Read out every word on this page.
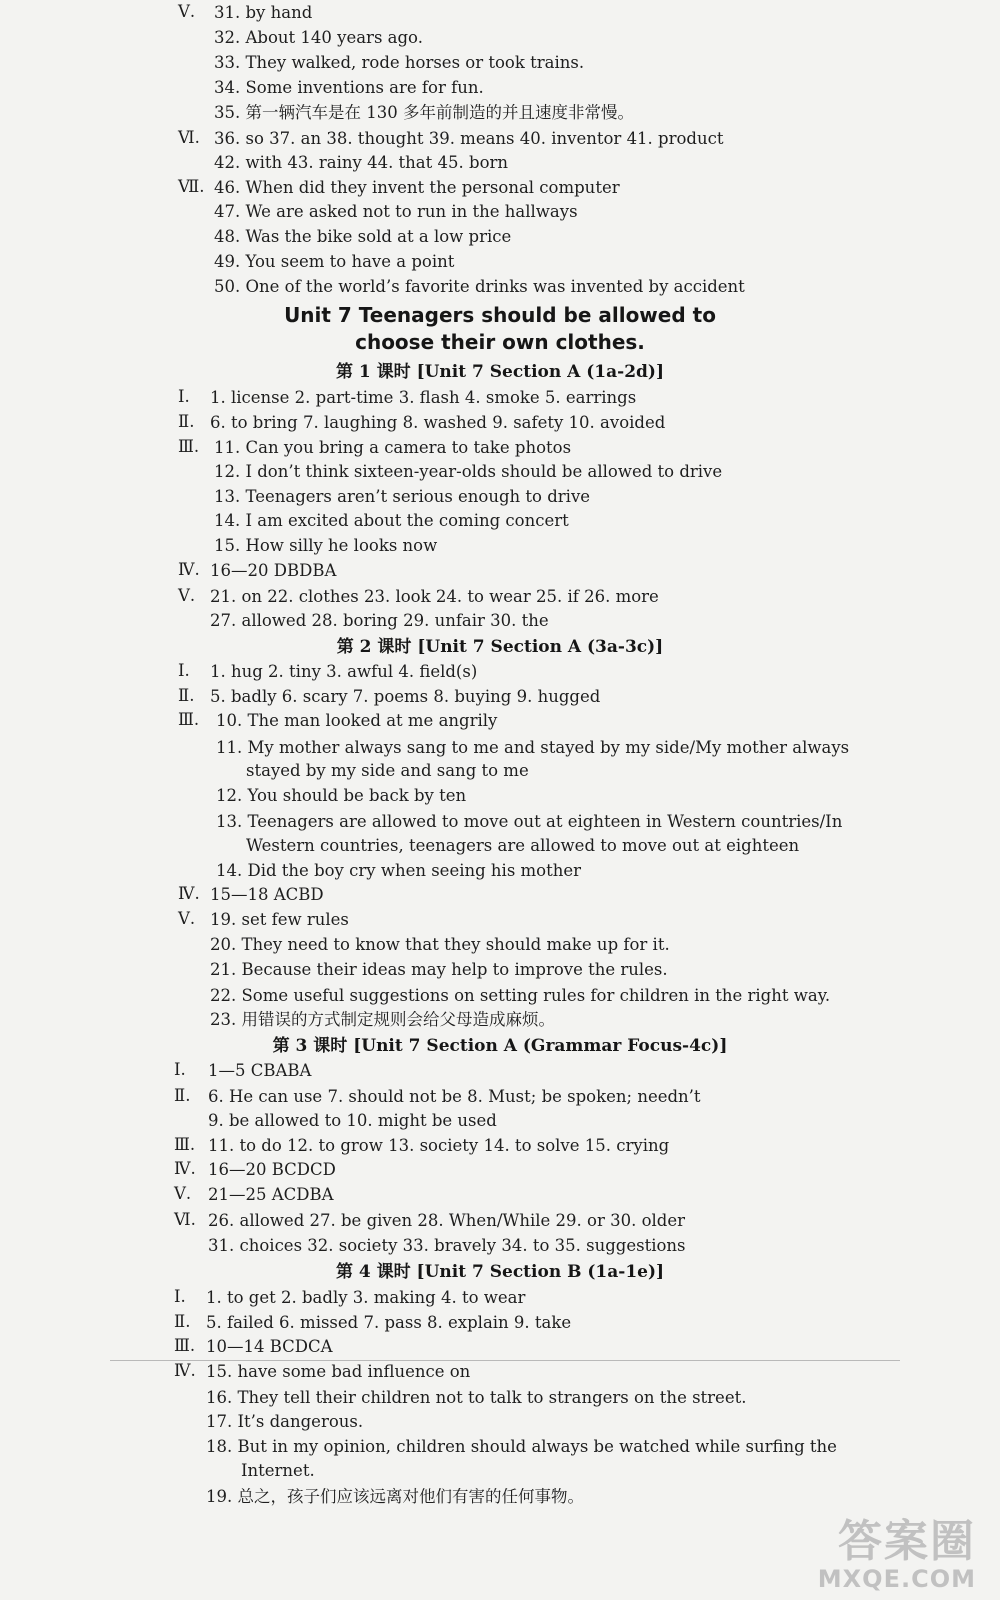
Ⅴ. 31. by hand
32. About 140 years ago.
33. They walked, rode horses or took trains.
34. Some inventions are for fun.
35. 第一辆汽车是在 130 多年前制造的并且速度非常慢。
Ⅵ. 36. so 37. an 38. thought 39. means 40. inventor 41. product
42. with 43. rainy 44. that 45. born
Ⅶ. 46. When did they invent the personal computer
47. We are asked not to run in the hallways
48. Was the bike sold at a low price
49. You seem to have a point
50. One of the world’s favorite drinks was invented by accident
Unit 7 Teenagers should be allowed to
choose their own clothes.
第 1 课时 [Unit 7 Section A (1a-2d)]
Ⅰ. 1. license 2. part-time 3. flash 4. smoke 5. earrings
Ⅱ. 6. to bring 7. laughing 8. washed 9. safety 10. avoided
Ⅲ. 11. Can you bring a camera to take photos
12. I don’t think sixteen-year-olds should be allowed to drive
13. Teenagers aren’t serious enough to drive
14. I am excited about the coming concert
15. How silly he looks now
Ⅳ. 16—20 DBDBA
Ⅴ. 21. on 22. clothes 23. look 24. to wear 25. if 26. more
27. allowed 28. boring 29. unfair 30. the
第 2 课时 [Unit 7 Section A (3a-3c)]
Ⅰ. 1. hug 2. tiny 3. awful 4. field(s)
Ⅱ. 5. badly 6. scary 7. poems 8. buying 9. hugged
Ⅲ. 10. The man looked at me angrily
11. My mother always sang to me and stayed by my side/My mother always
stayed by my side and sang to me
12. You should be back by ten
13. Teenagers are allowed to move out at eighteen in Western countries/In
Western countries, teenagers are allowed to move out at eighteen
14. Did the boy cry when seeing his mother
Ⅳ. 15—18 ACBD
Ⅴ. 19. set few rules
20. They need to know that they should make up for it.
21. Because their ideas may help to improve the rules.
22. Some useful suggestions on setting rules for children in the right way.
23. 用错误的方式制定规则会给父母造成麻烦。
第 3 课时 [Unit 7 Section A (Grammar Focus-4c)]
Ⅰ. 1—5 CBABA
Ⅱ. 6. He can use 7. should not be 8. Must; be spoken; needn’t
9. be allowed to 10. might be used
Ⅲ. 11. to do 12. to grow 13. society 14. to solve 15. crying
Ⅳ. 16—20 BCDCD
Ⅴ. 21—25 ACDBA
Ⅵ. 26. allowed 27. be given 28. When/While 29. or 30. older
31. choices 32. society 33. bravely 34. to 35. suggestions
第 4 课时 [Unit 7 Section B (1a-1e)]
Ⅰ. 1. to get 2. badly 3. making 4. to wear
Ⅱ. 5. failed 6. missed 7. pass 8. explain 9. take
Ⅲ. 10—14 BCDCA
Ⅳ. 15. have some bad influence on
16. They tell their children not to talk to strangers on the street.
17. It’s dangerous.
18. But in my opinion, children should always be watched while surfing the
Internet.
19. 总之，孩子们应该远离对他们有害的任何事物。
答案圈
MXQE.COM
